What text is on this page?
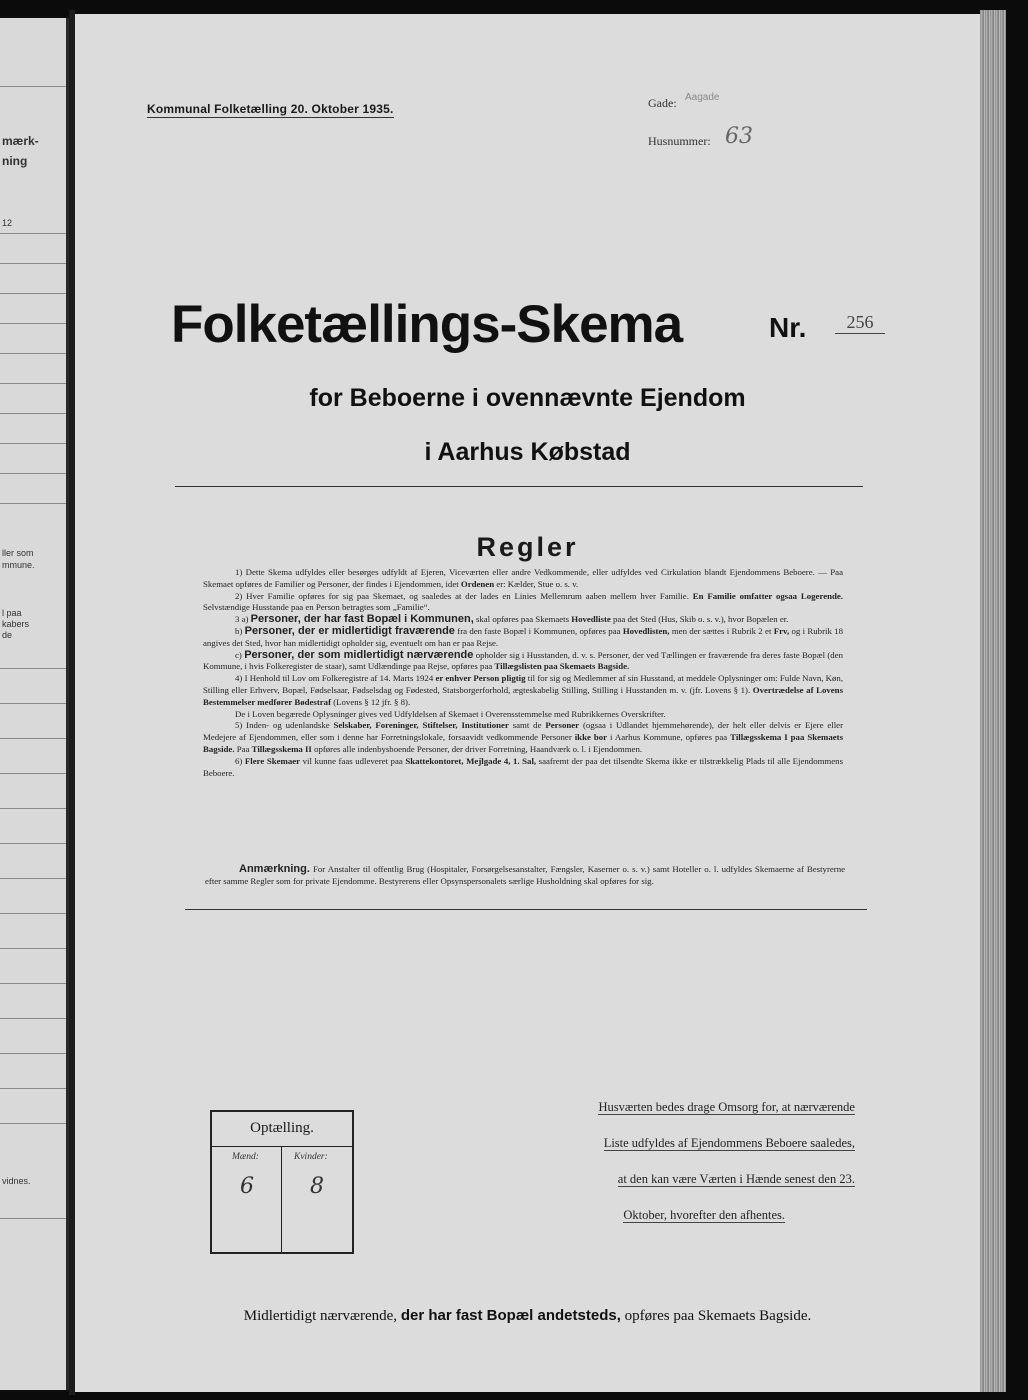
mærk-
ning
12
ller som
mmune.
l paa
kabers
de
vidnes.
Kommunal Folketælling 20. Oktober 1935.	Gade: Aagade
Husnummer: 63
Folketællings-Skema	Nr.	256
for Beboerne i ovennævnte Ejendom
i Aarhus Købstad
Regler

1) Dette Skema udfyldes eller besørges udfyldt af Ejeren, Viceværten eller andre Vedkommende, eller udfyldes ved Cirkulation blandt Ejendommens Beboere. — Paa Skemaet opføres de Familier og Personer, der findes i Ejendommen, idet Ordenen er: Kælder, Stue o. s. v.

2) Hver Familie opføres for sig paa Skemaet, og saaledes at der lades en Linies Mellemrum aaben mellem hver Familie. En Familie omfatter ogsaa Logerende. Selvstændige Husstande paa en Person betragtes som „Familie“.

3 a) Personer, der har fast Bopæl i Kommunen, skal opføres paa Skemaets Hovedliste paa det Sted (Hus, Skib o. s. v.), hvor Bopælen er.

b) Personer, der er midlertidigt fraværende fra den faste Bopæl i Kommunen, opføres paa Hovedlisten, men der sættes i Rubrik 2 et Frv, og i Rubrik 18 angives det Sted, hvor han midlertidigt opholder sig, eventuelt om han er paa Rejse.

c) Personer, der som midlertidigt nærværende opholder sig i Husstanden, d. v. s. Personer, der ved Tællingen er fraværende fra deres faste Bopæl (den Kommune, i hvis Folkeregister de staar), samt Udlændinge paa Rejse, opføres paa Tillægslisten paa Skemaets Bagside.

4) I Henhold til Lov om Folkeregistre af 14. Marts 1924 er enhver Person pligtig til for sig og Medlemmer af sin Husstand, at meddele Oplysninger om: Fulde Navn, Køn, Stilling eller Erhverv, Bopæl, Fødselsaar, Fødselsdag og Fødested, Statsborgerforhold, ægteskabelig Stilling, Stilling i Husstanden m. v. (jfr. Lovens § 1). Overtrædelse af Lovens Bestemmelser medfører Bødestraf (Lovens § 12 jfr. § 8).

De i Loven begærede Oplysninger gives ved Udfyldelsen af Skemaet i Overensstemmelse med Rubrikkernes Overskrifter.

5) Inden- og udenlandske Selskaber, Foreninger, Stiftelser, Institutioner samt de Personer (ogsaa i Udlandet hjemmehørende), der helt eller delvis er Ejere eller Medejere af Ejendommen, eller som i denne har Forretningslokale, forsaavidt vedkommende Personer ikke bor i Aarhus Kommune, opføres paa Tillægsskema I paa Skemaets Bagside. Paa Tillægsskema II opføres alle indenbysboende Personer, der driver Forretning, Haandværk o. l. i Ejendommen.

6) Flere Skemaer vil kunne faas udleveret paa Skattekontoret, Mejlgade 4, 1. Sal, saafremt der paa det tilsendte Skema ikke er tilstrækkelig Plads til alle Ejendommens Beboere.

Anmærkning. For Anstalter til offentlig Brug (Hospitaler, Forsørgelsesanstalter, Fængsler, Kaserner o. s. v.) samt Hoteller o. l. udfyldes Skemaerne af Bestyrerne efter samme Regler som for private Ejendomme. Bestyrerens eller Opsynspersonalets særlige Husholdning skal opføres for sig.
Optælling.
Mænd:	Kvinder:
6	8
Husværten bedes drage Omsorg for, at nærværende
Liste udfyldes af Ejendommens Beboere saaledes,
at den kan være Værten i Hænde senest den 23.
Oktober, hvorefter den afhentes.
Midlertidigt nærværende, der har fast Bopæl andetsteds, opføres paa Skemaets Bagside.
